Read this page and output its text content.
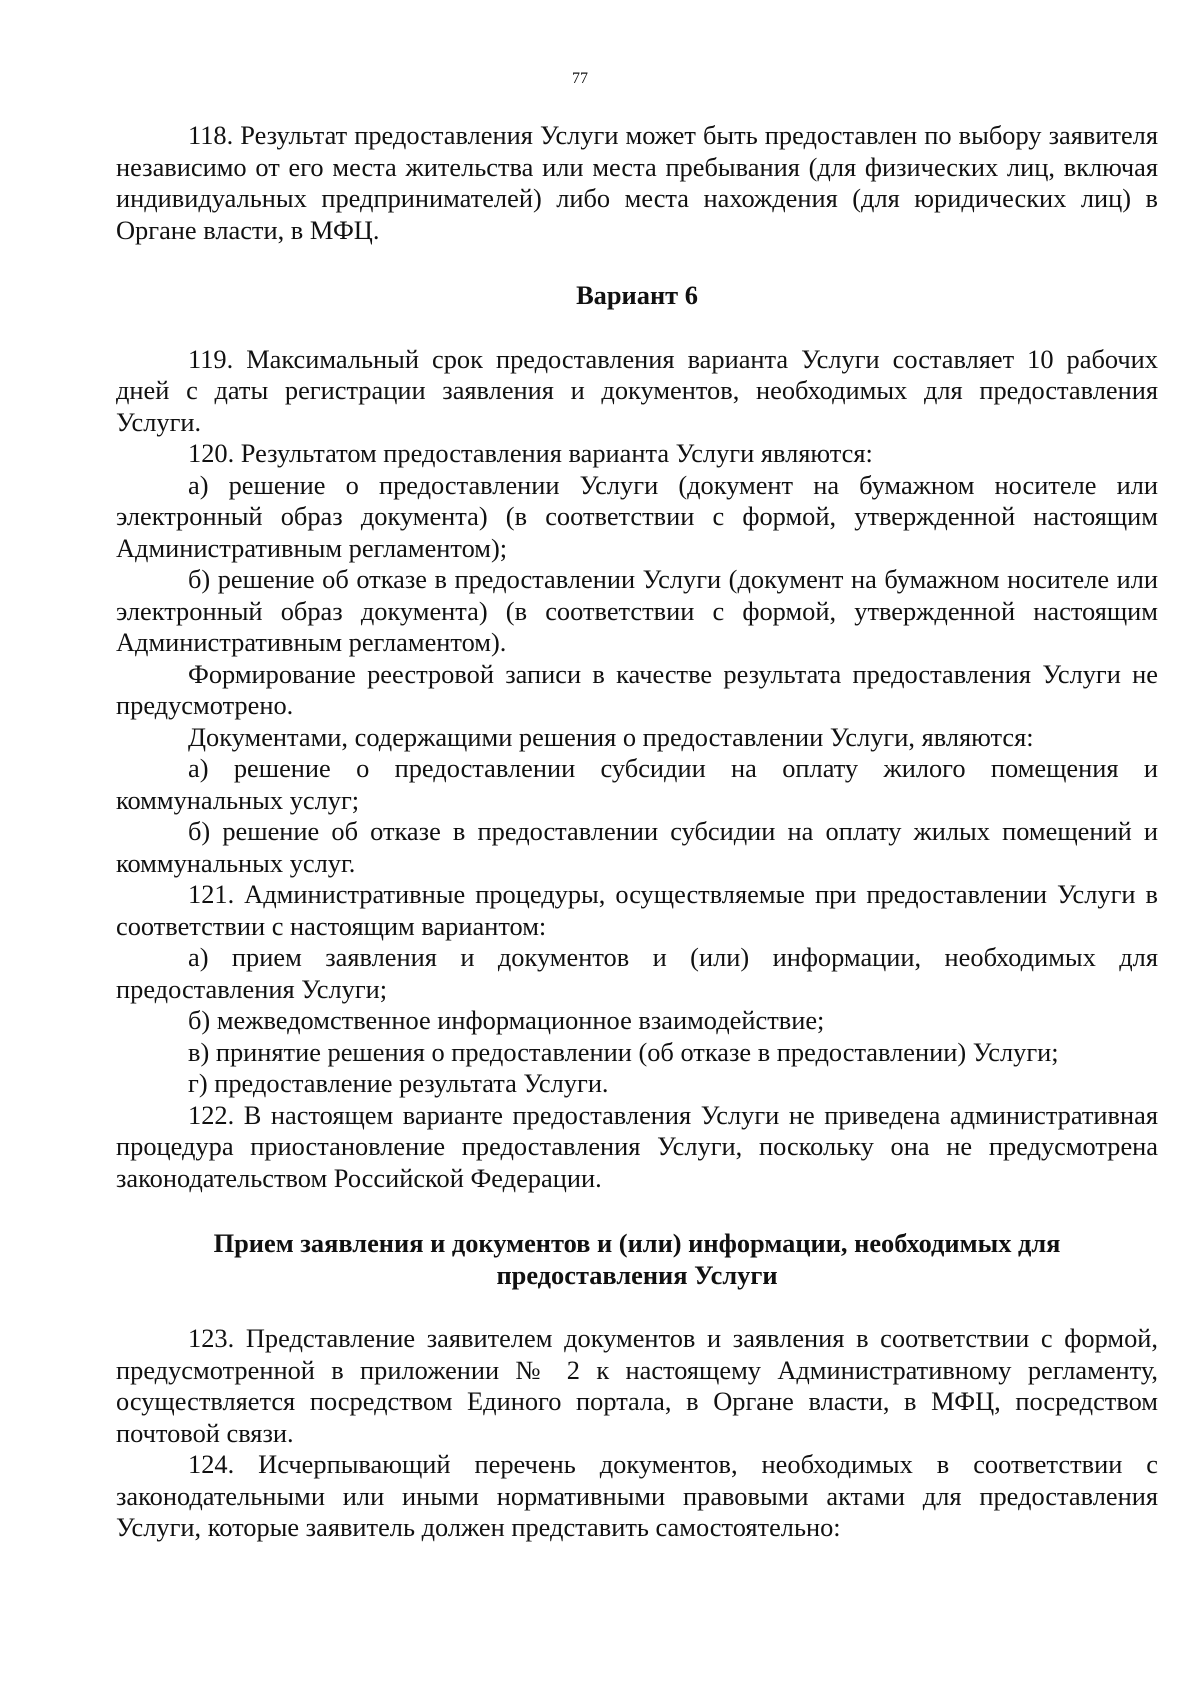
77

118. Результат предоставления Услуги может быть предоставлен по выбору заявителя независимо от его места жительства или места пребывания (для физических лиц, включая индивидуальных предпринимателей) либо места нахождения (для юридических лиц) в Органе власти, в МФЦ.

Вариант 6

119. Максимальный срок предоставления варианта Услуги составляет 10 рабочих дней с даты регистрации заявления и документов, необходимых для предоставления Услуги.

120. Результатом предоставления варианта Услуги являются:

а) решение о предоставлении Услуги (документ на бумажном носителе или электронный образ документа) (в соответствии с формой, утвержденной настоящим Административным регламентом);

б) решение об отказе в предоставлении Услуги (документ на бумажном носителе или электронный образ документа) (в соответствии с формой, утвержденной настоящим Административным регламентом).

Формирование реестровой записи в качестве результата предоставления Услуги не предусмотрено.

Документами, содержащими решения о предоставлении Услуги, являются:

а) решение о предоставлении субсидии на оплату жилого помещения и коммунальных услуг;

б) решение об отказе в предоставлении субсидии на оплату жилых помещений и коммунальных услуг.

121. Административные процедуры, осуществляемые при предоставлении Услуги в соответствии с настоящим вариантом:

а) прием заявления и документов и (или) информации, необходимых для предоставления Услуги;

б) межведомственное информационное взаимодействие;

в) принятие решения о предоставлении (об отказе в предоставлении) Услуги;

г) предоставление результата Услуги.

122. В настоящем варианте предоставления Услуги не приведена административная процедура приостановление предоставления Услуги, поскольку она не предусмотрена законодательством Российской Федерации.

Прием заявления и документов и (или) информации, необходимых для предоставления Услуги

123. Представление заявителем документов и заявления в соответствии с формой, предусмотренной в приложении № 2 к настоящему Административному регламенту, осуществляется посредством Единого портала, в Органе власти, в МФЦ, посредством почтовой связи.

124. Исчерпывающий перечень документов, необходимых в соответствии с законодательными или иными нормативными правовыми актами для предоставления Услуги, которые заявитель должен представить самостоятельно:
